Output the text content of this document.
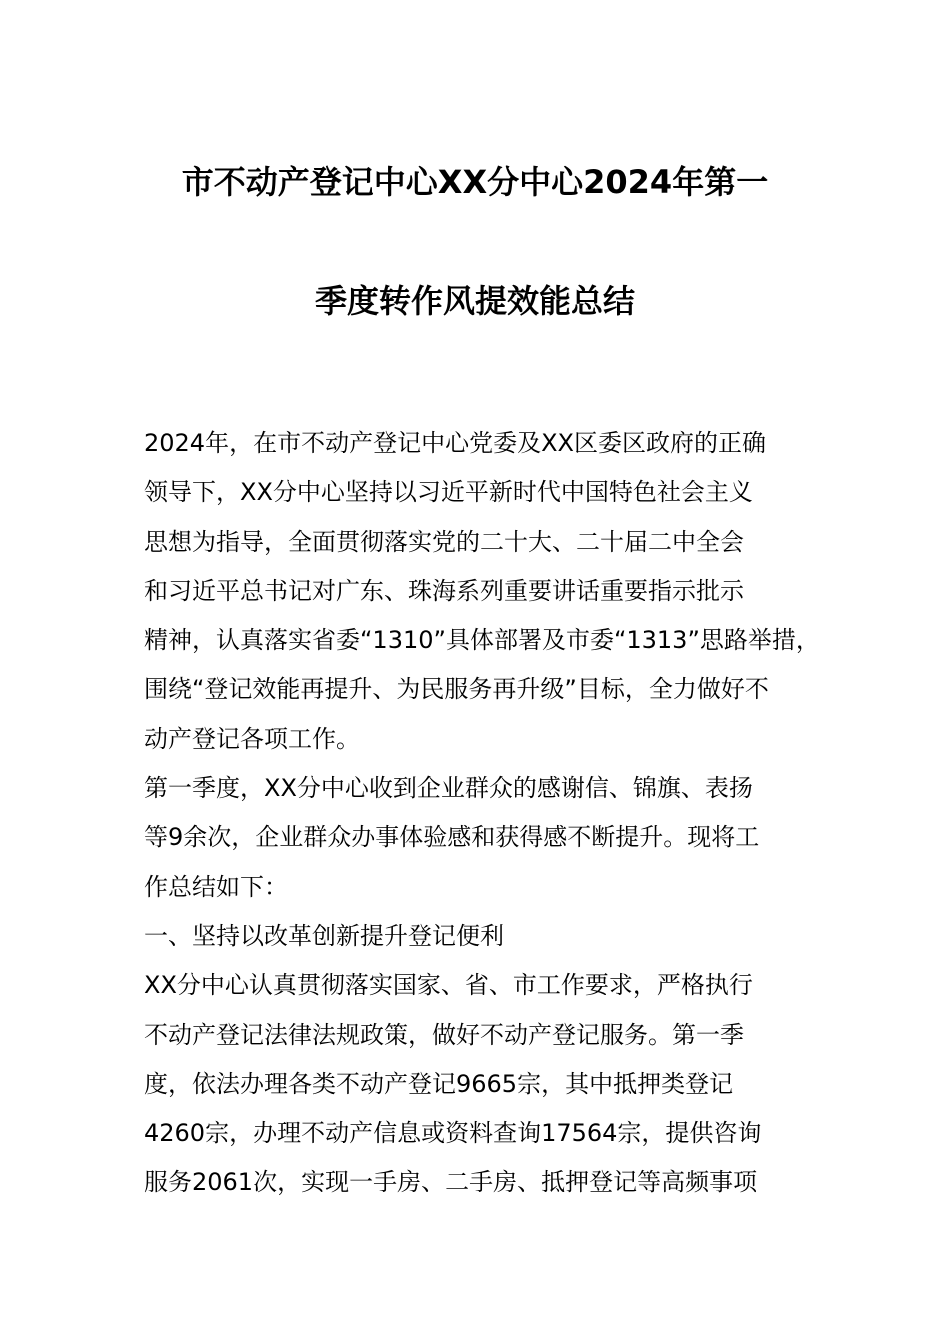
市不动产登记中心XX分中心2024年第一
季度转作风提效能总结
2024年，在市不动产登记中心党委及XX区委区政府的正确
领导下，XX分中心坚持以习近平新时代中国特色社会主义
思想为指导，全面贯彻落实党的二十大、二十届二中全会
和习近平总书记对广东、珠海系列重要讲话重要指示批示
精神，认真落实省委“1310”具体部署及市委“1313”思路举措，
围绕“登记效能再提升、为民服务再升级”目标，全力做好不
动产登记各项工作。
第一季度，XX分中心收到企业群众的感谢信、锦旗、表扬
等9余次，企业群众办事体验感和获得感不断提升。现将工
作总结如下：
一、坚持以改革创新提升登记便利
XX分中心认真贯彻落实国家、省、市工作要求，严格执行
不动产登记法律法规政策，做好不动产登记服务。第一季
度，依法办理各类不动产登记9665宗，其中抵押类登记
4260宗，办理不动产信息或资料查询17564宗，提供咨询
服务2061次，实现一手房、二手房、抵押登记等高频事项
